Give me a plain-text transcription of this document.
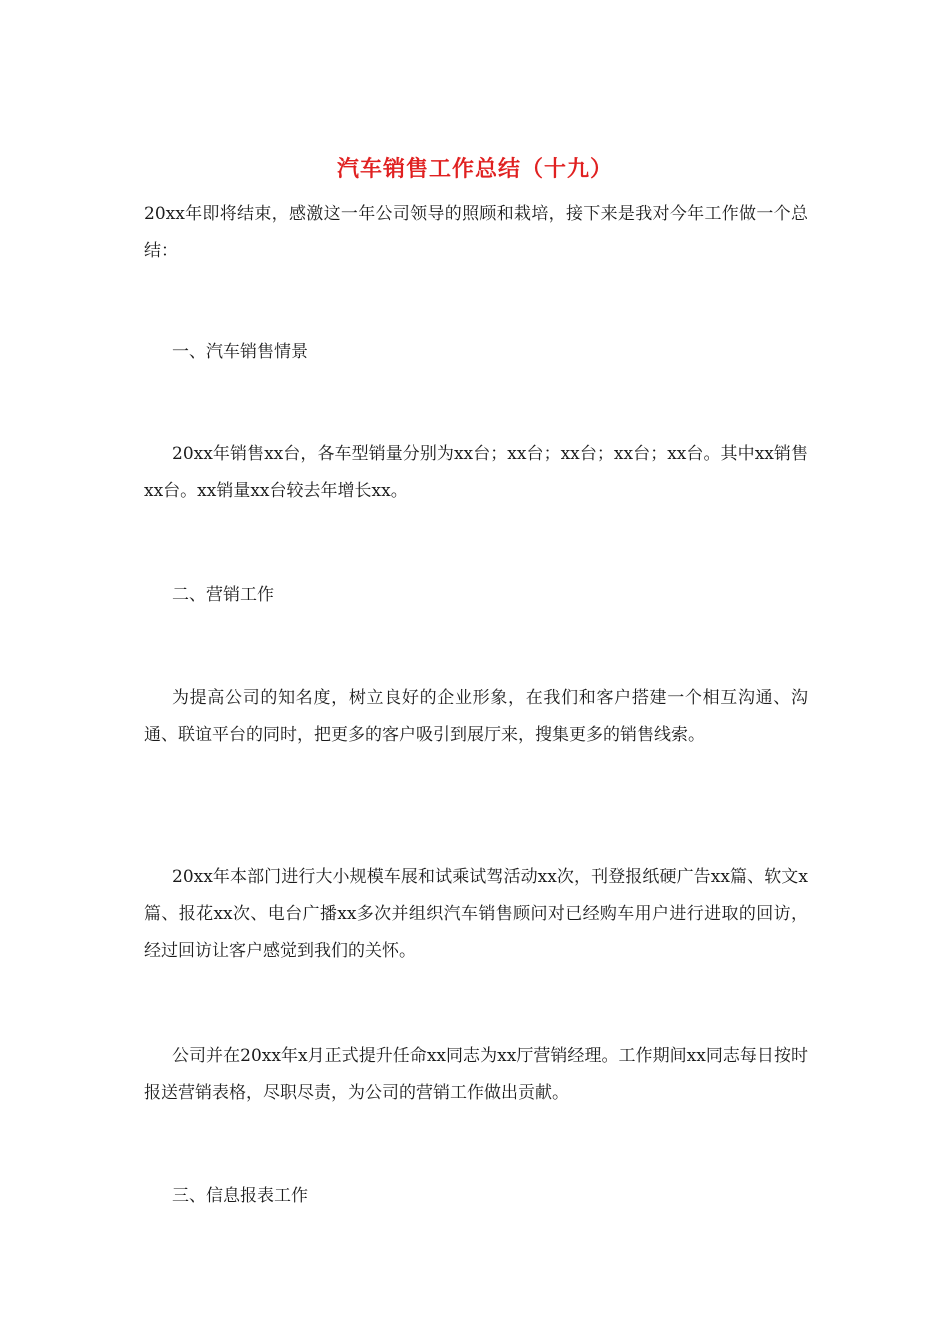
汽车销售工作总结（十九）

20xx年即将结束，感激这一年公司领导的照顾和栽培，接下来是我对今年工作做一个总结：

一、汽车销售情景

20xx年销售xx台，各车型销量分别为xx台；xx台；xx台；xx台；xx台。其中xx销售xx台。xx销量xx台较去年增长xx。

二、营销工作

为提高公司的知名度，树立良好的企业形象，在我们和客户搭建一个相互沟通、沟通、联谊平台的同时，把更多的客户吸引到展厅来，搜集更多的销售线索。

20xx年本部门进行大小规模车展和试乘试驾活动xx次，刊登报纸硬广告xx篇、软文x篇、报花xx次、电台广播xx多次并组织汽车销售顾问对已经购车用户进行进取的回访，经过回访让客户感觉到我们的关怀。

公司并在20xx年x月正式提升任命xx同志为xx厅营销经理。工作期间xx同志每日按时报送营销表格，尽职尽责，为公司的营销工作做出贡献。

三、信息报表工作
